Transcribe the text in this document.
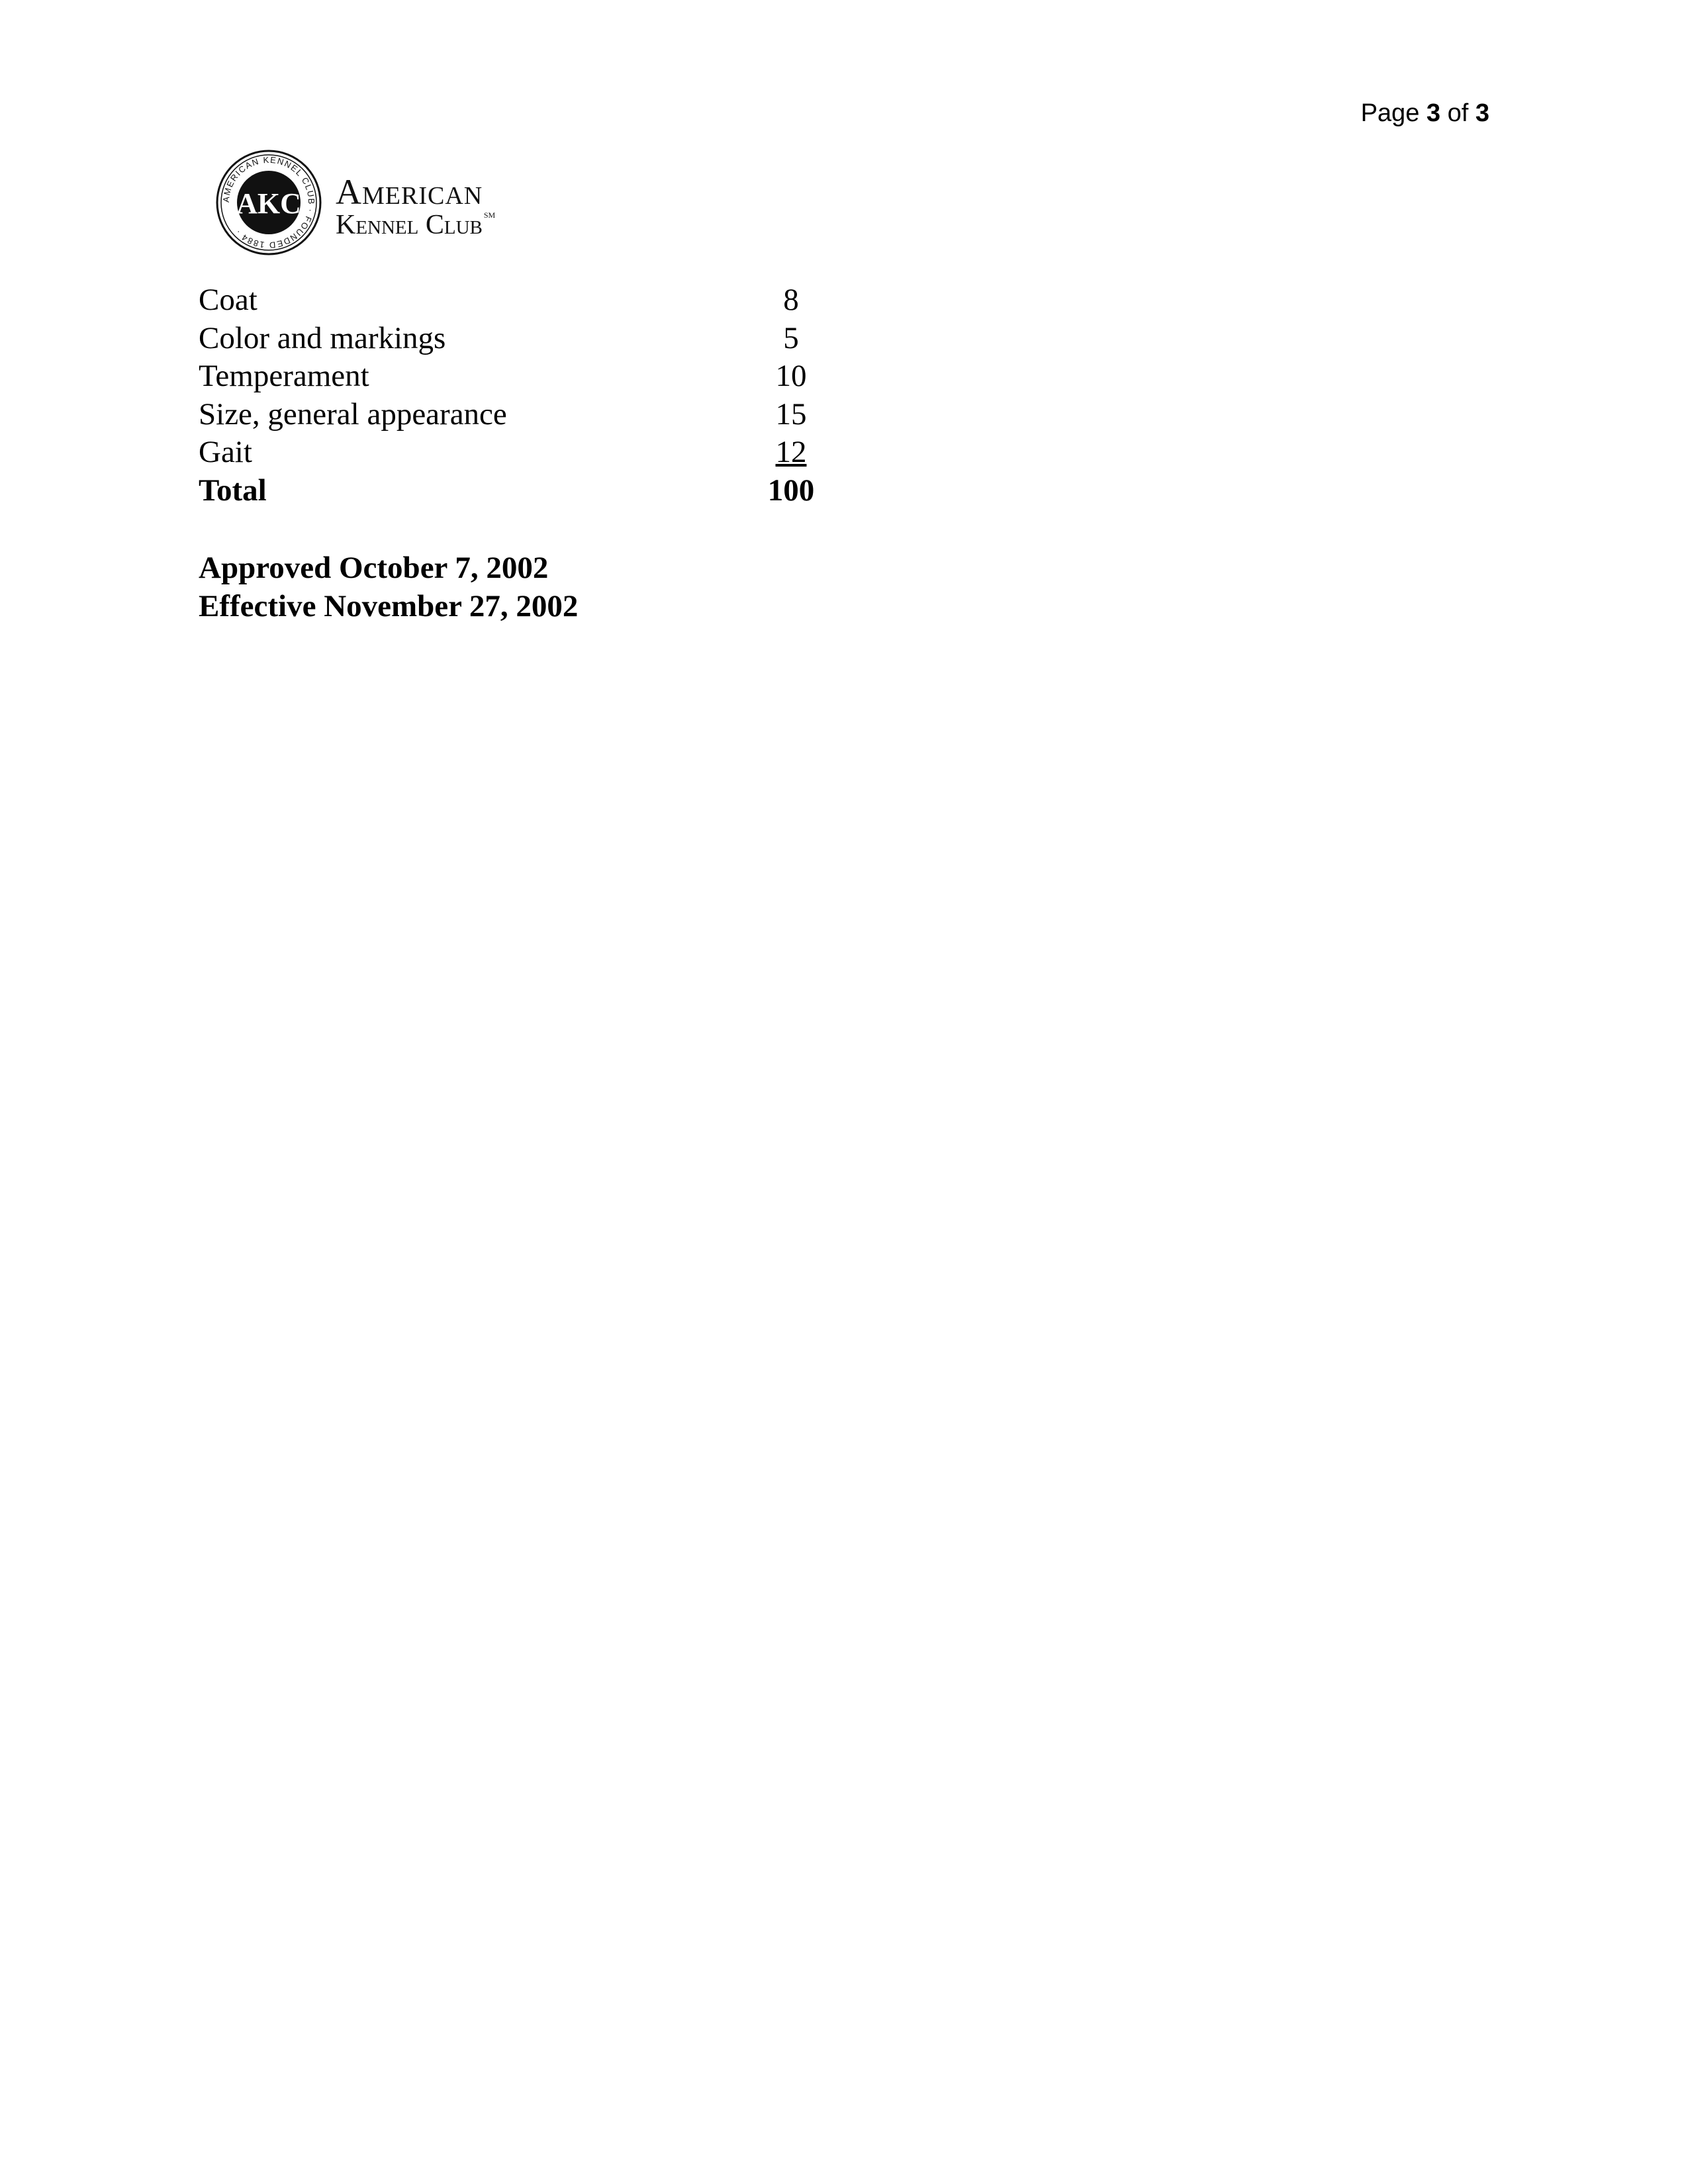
Page 3 of 3
AMERICAN KENNEL CLUB · FOUNDED 1884 ·
AKC American
Kennel Club ℠
Coat	8
Color and markings	5
Temperament	10
Size, general appearance	15
Gait	12
Total	100
Approved October 7, 2002
Effective November 27, 2002
